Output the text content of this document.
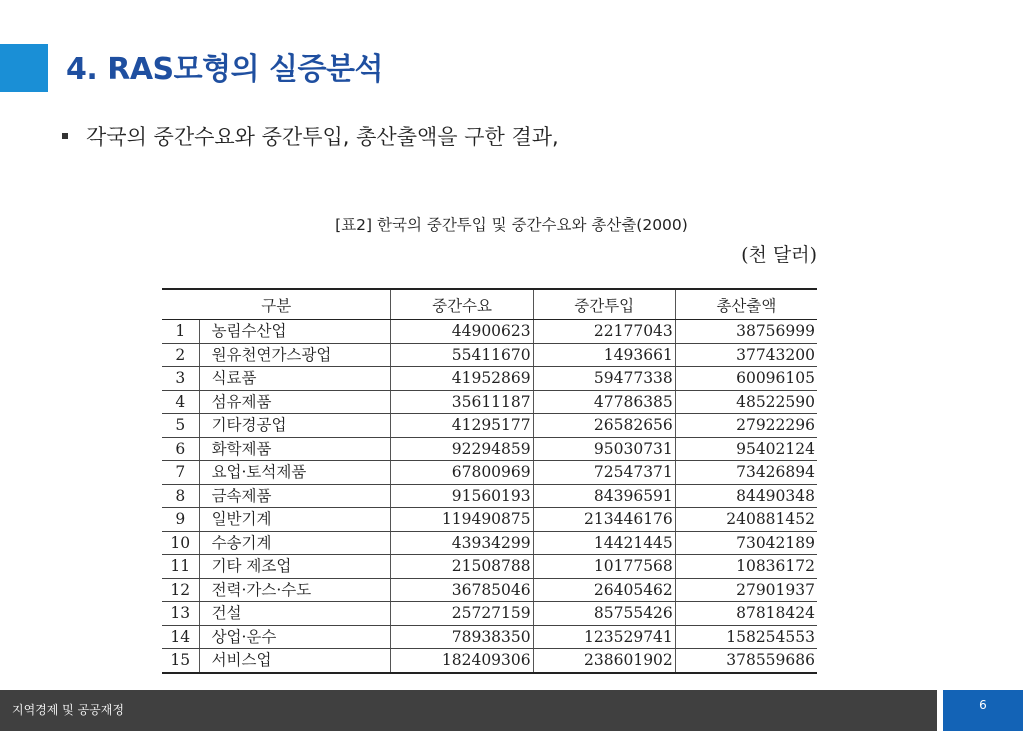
4. RAS모형의 실증분석
각국의 중간수요와 중간투입, 총산출액을 구한 결과,
[표2] 한국의 중간투입 및 중간수요와 총산출(2000)
(천 달러)
구분		중간수요	중간투입	총산출액
1	농림수산업	44900623	22177043	38756999
2	원유천연가스광업	55411670	1493661	37743200
3	식료품	41952869	59477338	60096105
4	섬유제품	35611187	47786385	48522590
5	기타경공업	41295177	26582656	27922296
6	화학제품	92294859	95030731	95402124
7	요업·토석제품	67800969	72547371	73426894
8	금속제품	91560193	84396591	84490348
9	일반기계	119490875	213446176	240881452
10	수송기계	43934299	14421445	73042189
11	기타 제조업	21508788	10177568	10836172
12	전력·가스·수도	36785046	26405462	27901937
13	건설	25727159	85755426	87818424
14	상업·운수	78938350	123529741	158254553
15	서비스업	182409306	238601902	378559686
지역경제 및 공공재정	6
